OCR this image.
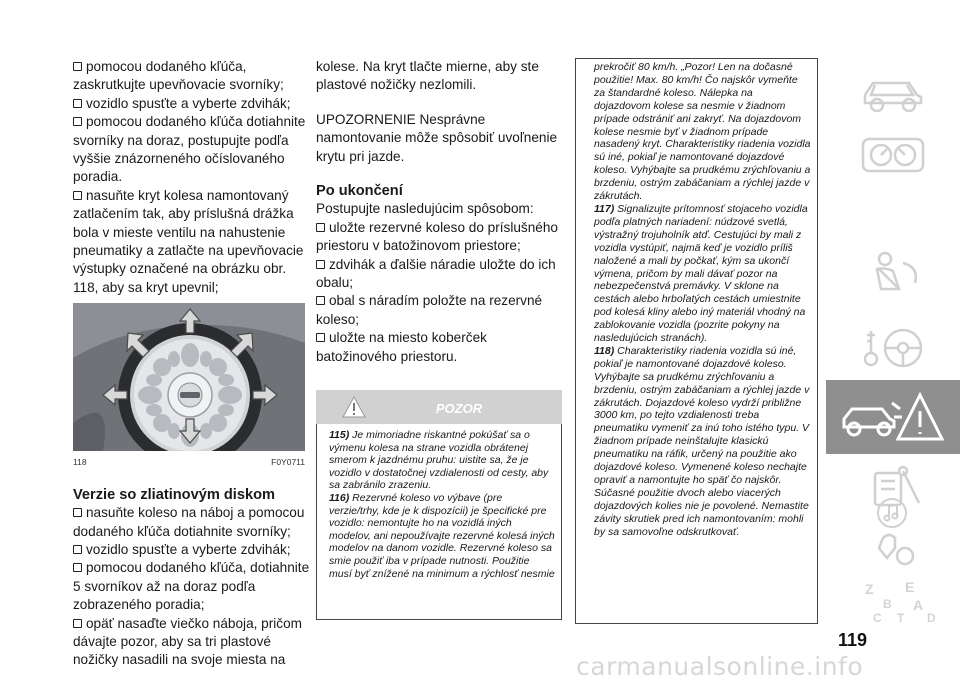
pomocou dodaného kľúča,

zaskrutkujte upevňovacie svorníky;

vozidlo spusťte a vyberte zdvihák;

pomocou dodaného kľúča dotiahnite svorníky na doraz, postupujte podľa vyššie znázorneného očíslovaného poradia.

nasuňte kryt kolesa namontovaný zatlačením tak, aby príslušná drážka bola v mieste ventilu na nahustenie pneumatiky a zatlačte na upevňovacie výstupky označené na obrázku obr. 118, aby sa kryt upevnil;

118	F0Y0711
Verzie so zliatinovým diskom

nasuňte koleso na náboj a pomocou dodaného kľúča dotiahnite svorníky;

vozidlo spusťte a vyberte zdvihák;

pomocou dodaného kľúča, dotiahnite 5 svorníkov až na doraz podľa zobrazeného poradia;

opäť nasaďte viečko náboja, pričom dávajte pozor, aby sa tri plastové nožičky nasadili na svoje miesta na

kolese. Na kryt tlačte mierne, aby ste plastové nožičky nezlomili.

UPOZORNENIE Nesprávne namontovanie môže spôsobiť uvoľnenie krytu pri jazde.

Po ukončení

Postupujte nasledujúcim spôsobom:

uložte rezervné koleso do príslušného priestoru v batožinovom priestore;

zdvihák a ďalšie náradie uložte do ich obalu;

obal s náradím položte na rezervné koleso;

uložte na miesto koberček batožinového priestoru.

POZOR

115) Je mimoriadne riskantné pokúšať sa o výmenu kolesa na strane vozidla obrátenej smerom k jazdnému pruhu: uistite sa, že je vozidlo v dostatočnej vzdialenosti od cesty, aby sa zabránilo zrazeniu.

116) Rezervné koleso vo výbave (pre verzie/trhy, kde je k dispozícii) je špecifické pre vozidlo: nemontujte ho na vozidlá iných modelov, ani nepoužívajte rezervné kolesá iných modelov na danom vozidle. Rezervné koleso sa smie použiť iba v prípade nutnosti. Použitie musí byť znížené na minimum a rýchlosť nesmie

prekročiť 80 km/h. „Pozor! Len na dočasné použitie! Max. 80 km/h! Čo najskôr vymeňte za štandardné koleso. Nálepka na dojazdovom kolese sa nesmie v žiadnom prípade odstrániť ani zakryť. Na dojazdovom kolese nesmie byť v žiadnom prípade nasadený kryt. Charakteristiky riadenia vozidla sú iné, pokiaľ je namontované dojazdové koleso. Vyhýbajte sa prudkému zrýchľovaniu a brzdeniu, ostrým zabáčaniam a rýchlej jazde v zákrutách.

117) Signalizujte prítomnosť stojaceho vozidla podľa platných nariadení: núdzové svetlá, výstražný trojuholník atď. Cestujúci by mali z vozidla vystúpiť, najmä keď je vozidlo príliš naložené a mali by počkať, kým sa ukončí výmena, pričom by mali dávať pozor na nebezpečenstvá premávky. V sklone na cestách alebo hrboľatých cestách umiestnite pod kolesá kliny alebo iný materiál vhodný na zablokovanie vozidla (pozrite pokyny na nasledujúcich stranách).

118) Charakteristiky riadenia vozidla sú iné, pokiaľ je namontované dojazdové koleso. Vyhýbajte sa prudkému zrýchľovaniu a brzdeniu, ostrým zabáčaniam a rýchlej jazde v zákrutách. Dojazdové koleso vydrží približne 3000 km, po tejto vzdialenosti treba pneumatiku vymeniť za inú toho istého typu. V žiadnom prípade neinštalujte klasickú pneumatiku na ráfik, určený na použitie ako dojazdové koleso. Vymenené koleso nechajte opraviť a namontujte ho späť čo najskôr. Súčasné použitie dvoch alebo viacerých dojazdových kolies nie je povolené. Nemastite závity skrutiek pred ich namontovaním: mohli by sa samovoľne odskrutkovať.

Z E
B A
C	D
T
119
carmanualsonline.info
